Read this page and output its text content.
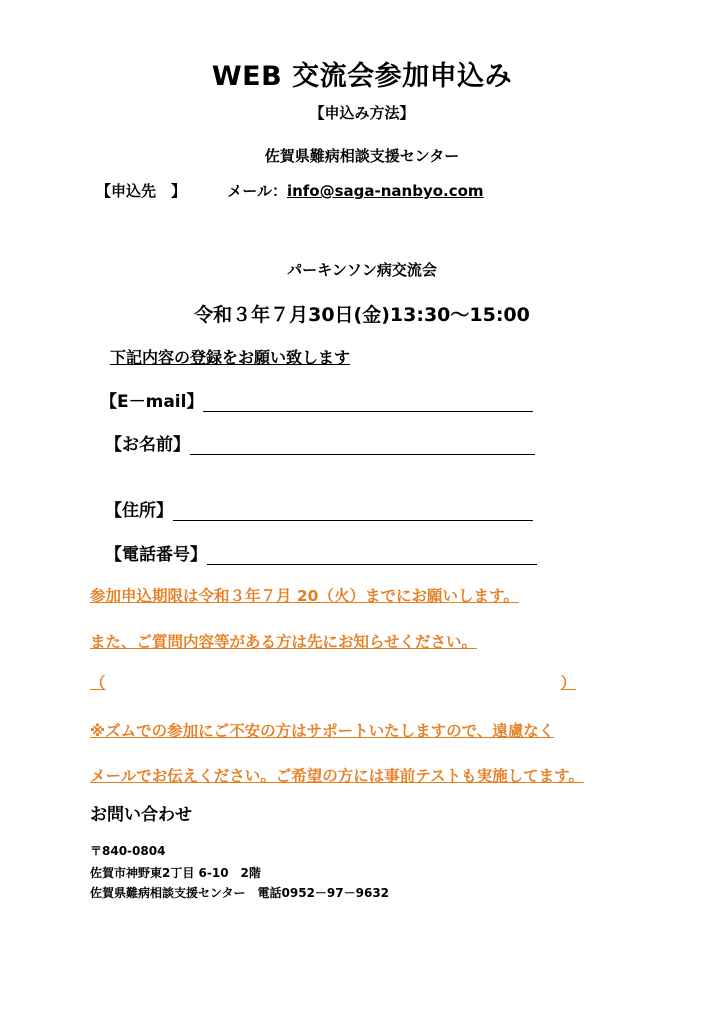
WEB 交流会参加申込み
【申込み方法】
佐賀県難病相談支援センター
【申込先　】	メール：info@saga-nanbyo.com
パーキンソン病交流会
令和３年７月30日(金)13:30～15:00
下記内容の登録をお願い致します
【E－mail】
【お名前】
【住所】
【電話番号】
参加申込期限は令和３年７月 20（火）までにお願いします。
また、ご質問内容等がある方は先にお知らせください。
（	）
※ズムでの参加にご不安の方はサポートいたしますので、遠慮なく
メールでお伝えください。ご希望の方には事前テストも実施してます。
お問い合わせ
〒840-0804
佐賀市神野東2丁目 6-10　2階
佐賀県難病相談支援センター　電話0952－97－9632
